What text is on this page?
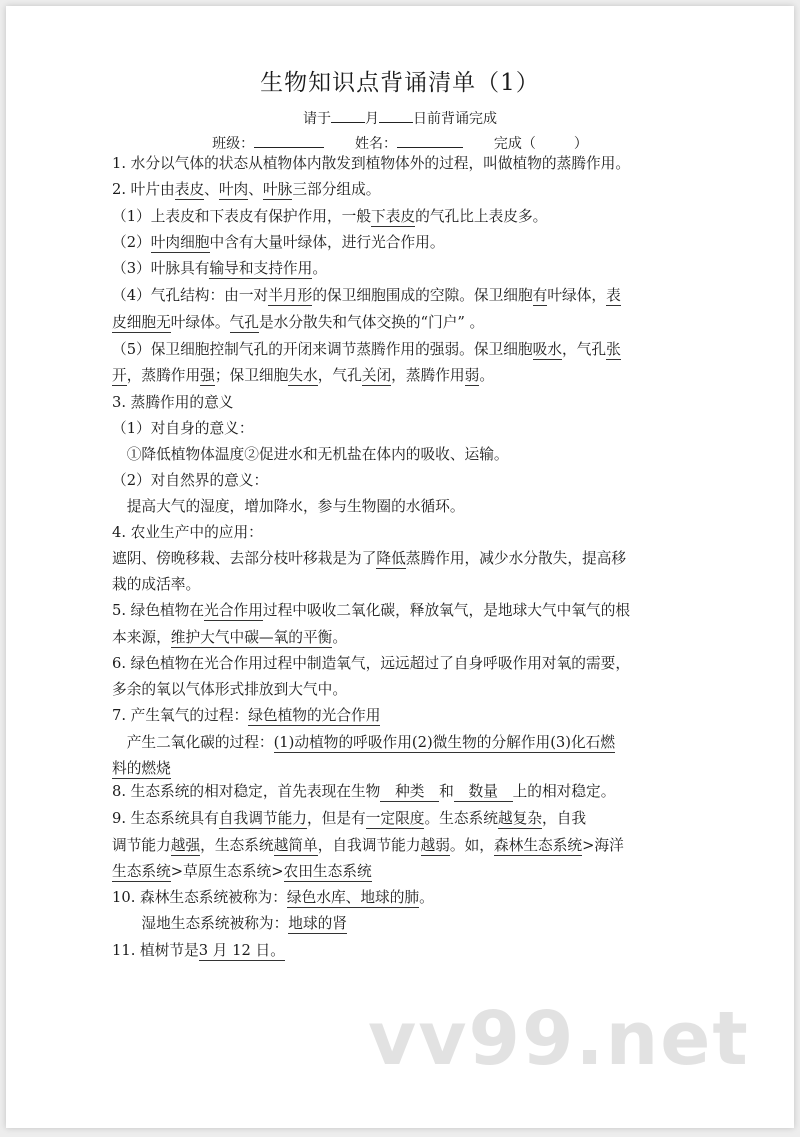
生物知识点背诵清单（1）
请于 月 日前背诵完成
班级：	姓名：	完成（	）
1. 水分以气体的状态从植物体内散发到植物体外的过程，叫做植物的蒸腾作用。
2. 叶片由表皮、叶肉、叶脉三部分组成。
（1）上表皮和下表皮有保护作用，一般下表皮的气孔比上表皮多。
（2）叶肉细胞中含有大量叶绿体，进行光合作用。
（3）叶脉具有输导和支持作用。
（4）气孔结构：由一对半月形的保卫细胞围成的空隙。保卫细胞有叶绿体，表
皮细胞无叶绿体。气孔是水分散失和气体交换的“门户” 。
（5）保卫细胞控制气孔的开闭来调节蒸腾作用的强弱。保卫细胞吸水，气孔张
开，蒸腾作用强；保卫细胞失水，气孔关闭，蒸腾作用弱。
3. 蒸腾作用的意义
（1）对自身的意义：
　①降低植物体温度②促进水和无机盐在体内的吸收、运输。
（2）对自然界的意义：
　提高大气的湿度，增加降水，参与生物圈的水循环。
4. 农业生产中的应用：
遮阴、傍晚移栽、去部分枝叶移栽是为了降低蒸腾作用，减少水分散失，提高移
栽的成活率。
5. 绿色植物在光合作用过程中吸收二氧化碳，释放氧气，是地球大气中氧气的根
本来源，维护大气中碳—氧的平衡。
6. 绿色植物在光合作用过程中制造氧气，远远超过了自身呼吸作用对氧的需要，
多余的氧以气体形式排放到大气中。
7. 产生氧气的过程：绿色植物的光合作用
　产生二氧化碳的过程：(1)动植物的呼吸作用(2)微生物的分解作用(3)化石燃
料的燃烧
8. 生态系统的相对稳定，首先表现在生物　种类　和　数量　上的相对稳定。
9. 生态系统具有自我调节能力，但是有一定限度。生态系统越复杂，自我
调节能力越强，生态系统越简单，自我调节能力越弱。如，森林生态系统>海洋
生态系统>草原生态系统>农田生态系统
10. 森林生态系统被称为：绿色水库、地球的肺。
　　湿地生态系统被称为：地球的肾
11. 植树节是3 月 12 日。
vv99.net
